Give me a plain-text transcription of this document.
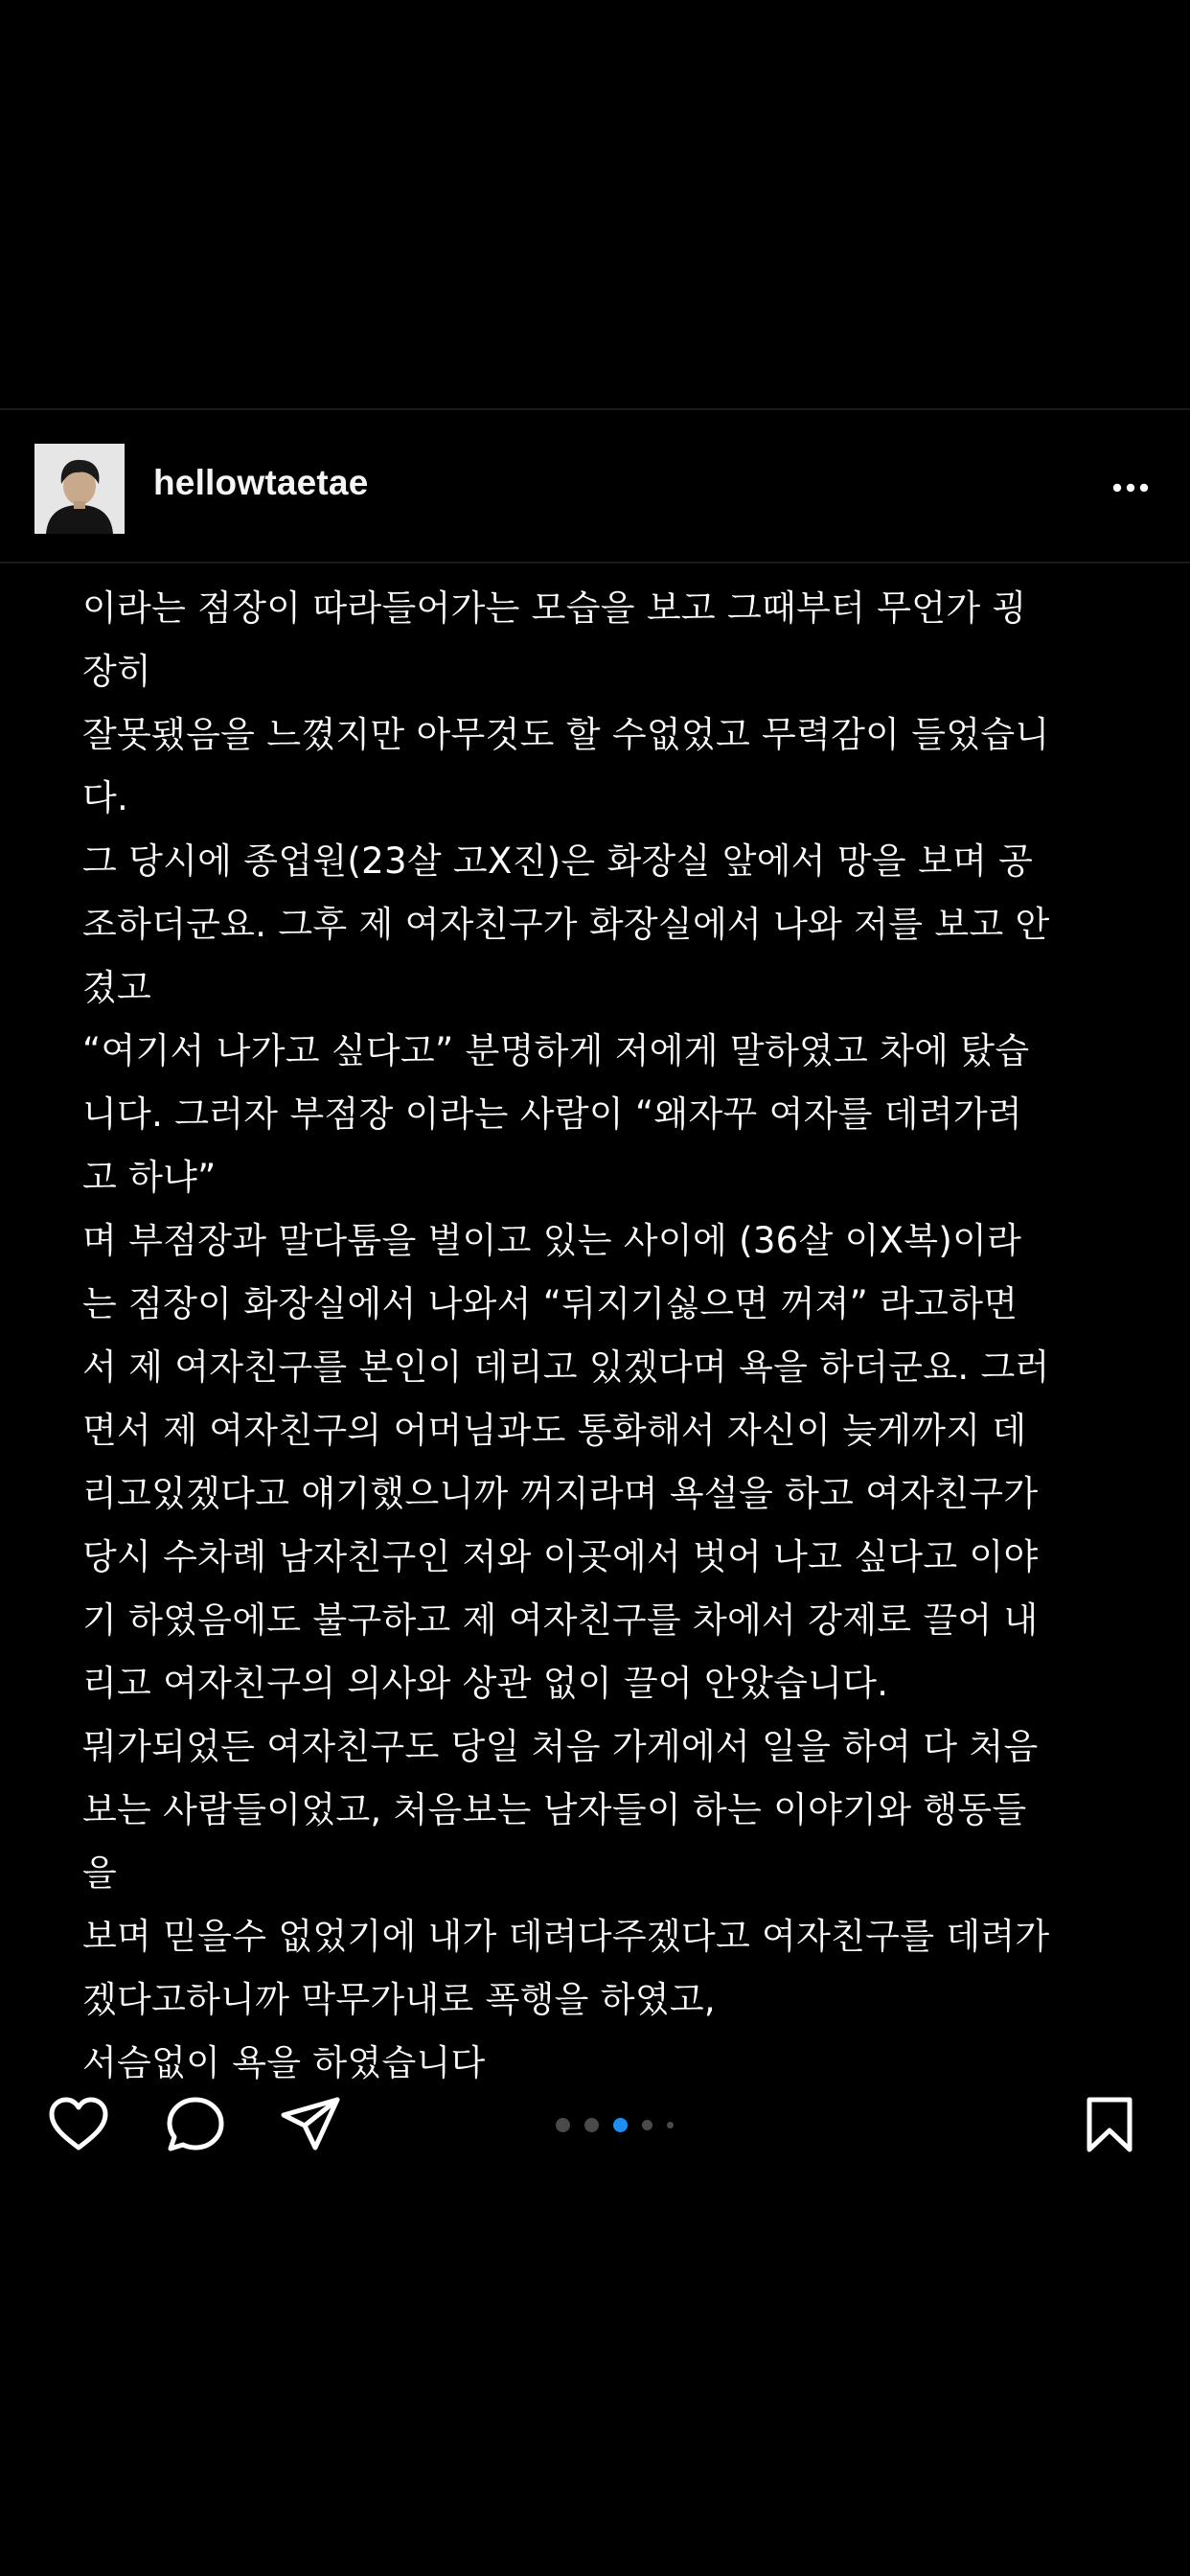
hellowtaetae
이라는 점장이 따라들어가는 모습을 보고 그때부터 무언가 굉
장히
잘못됐음을 느꼈지만 아무것도 할 수없었고 무력감이 들었습니
다.
그 당시에 종업원(23살 고X진)은 화장실 앞에서 망을 보며 공
조하더군요. 그후 제 여자친구가 화장실에서 나와 저를 보고 안
겼고
“여기서 나가고 싶다고” 분명하게 저에게 말하였고 차에 탔습
니다. 그러자 부점장 이라는 사람이 “왜자꾸 여자를 데려가려
고 하냐”
며 부점장과 말다툼을 벌이고 있는 사이에 (36살 이X복)이라
는 점장이 화장실에서 나와서 “뒤지기싫으면 꺼져” 라고하면
서 제 여자친구를 본인이 데리고 있겠다며 욕을 하더군요. 그러
면서 제 여자친구의 어머님과도 통화해서 자신이 늦게까지 데
리고있겠다고 얘기했으니까 꺼지라며 욕설을 하고 여자친구가
당시 수차례 남자친구인 저와 이곳에서 벗어 나고 싶다고 이야
기 하였음에도 불구하고 제 여자친구를 차에서 강제로 끌어 내
리고 여자친구의 의사와 상관 없이 끌어 안았습니다.
뭐가되었든 여자친구도 당일 처음 가게에서 일을 하여 다 처음
보는 사람들이었고, 처음보는 남자들이 하는 이야기와 행동들
을
보며 믿을수 없었기에 내가 데려다주겠다고 여자친구를 데려가
겠다고하니까 막무가내로 폭행을 하였고,
서슴없이 욕을 하였습니다
